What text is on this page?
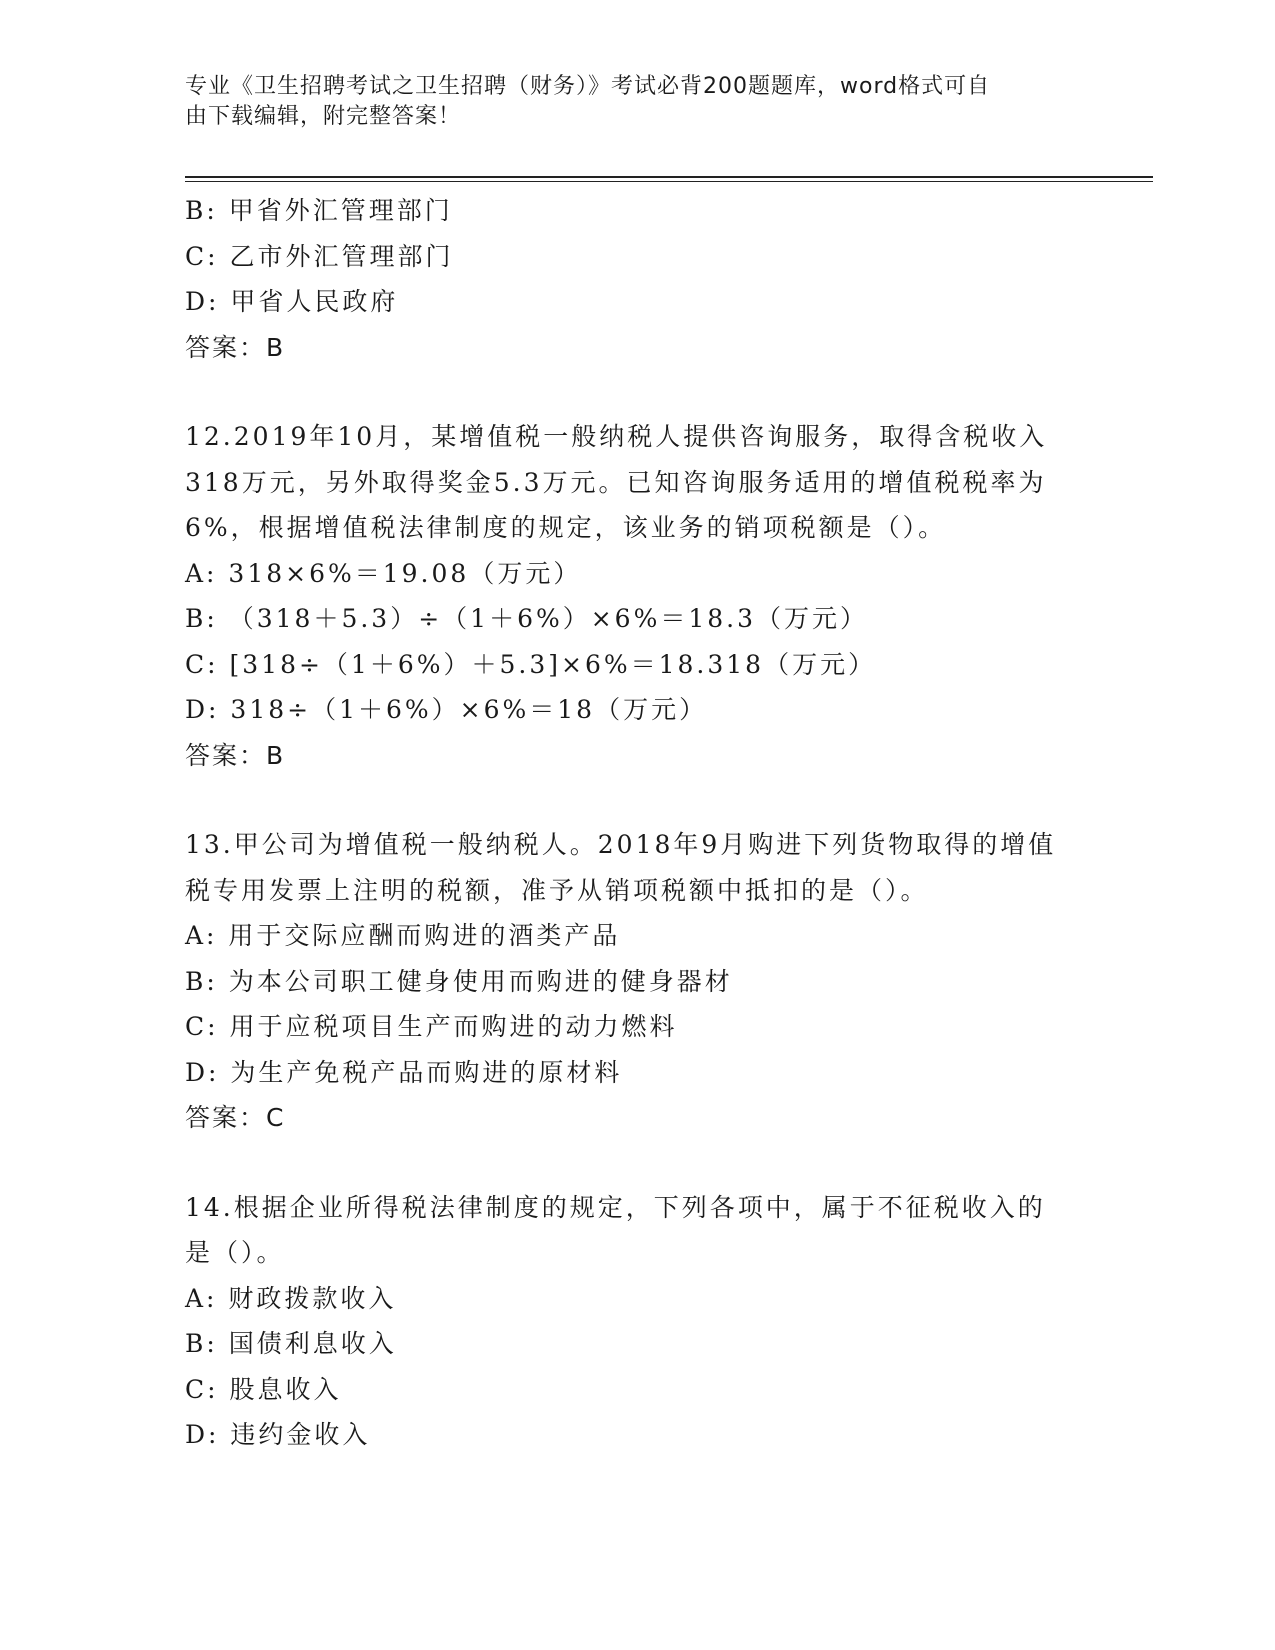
专业《卫生招聘考试之卫生招聘（财务）》考试必背200题题库，word格式可自
由下载编辑，附完整答案！
B: 甲省外汇管理部门
C: 乙市外汇管理部门
D: 甲省人民政府
答案：B
12.2019年10月，某增值税一般纳税人提供咨询服务，取得含税收入
318万元，另外取得奖金5.3万元。已知咨询服务适用的增值税税率为
6%，根据增值税法律制度的规定，该业务的销项税额是（）。
A: 318×6%＝19.08（万元）
B: （318＋5.3）÷（1＋6%）×6%＝18.3（万元）
C: [318÷（1＋6%）＋5.3]×6%＝18.318（万元）
D: 318÷（1＋6%）×6%＝18（万元）
答案：B
13.甲公司为增值税一般纳税人。2018年9月购进下列货物取得的增值
税专用发票上注明的税额，准予从销项税额中抵扣的是（）。
A: 用于交际应酬而购进的酒类产品
B: 为本公司职工健身使用而购进的健身器材
C: 用于应税项目生产而购进的动力燃料
D: 为生产免税产品而购进的原材料
答案：C
14.根据企业所得税法律制度的规定，下列各项中，属于不征税收入的
是（）。
A: 财政拨款收入
B: 国债利息收入
C: 股息收入
D: 违约金收入
